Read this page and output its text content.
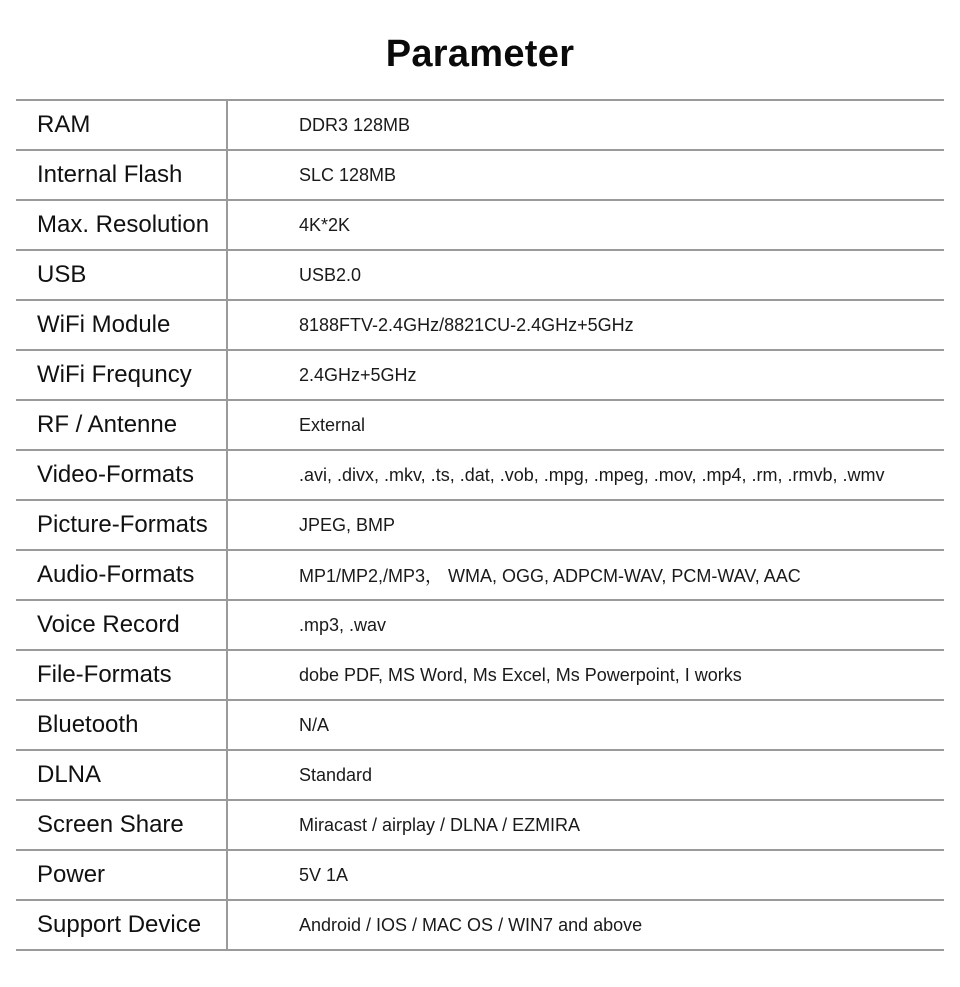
Parameter
RAM	DDR3 128MB
Internal Flash	SLC 128MB
Max. Resolution	4K*2K
USB	USB2.0
WiFi Module	8188FTV-2.4GHz/8821CU-2.4GHz+5GHz
WiFi Frequncy	2.4GHz+5GHz
RF / Antenne	External
Video-Formats	.avi, .divx, .mkv, .ts, .dat, .vob, .mpg, .mpeg, .mov, .mp4, .rm, .rmvb, .wmv
Picture-Formats	JPEG, BMP
Audio-Formats	MP1/MP2,/MP3， WMA, OGG, ADPCM-WAV, PCM-WAV, AAC
Voice Record	.mp3, .wav
File-Formats	dobe PDF, MS Word, Ms Excel, Ms Powerpoint, I works
Bluetooth	N/A
DLNA	Standard
Screen Share	Miracast / airplay / DLNA / EZMIRA
Power	5V 1A
Support Device	Android / IOS / MAC OS / WIN7 and above
